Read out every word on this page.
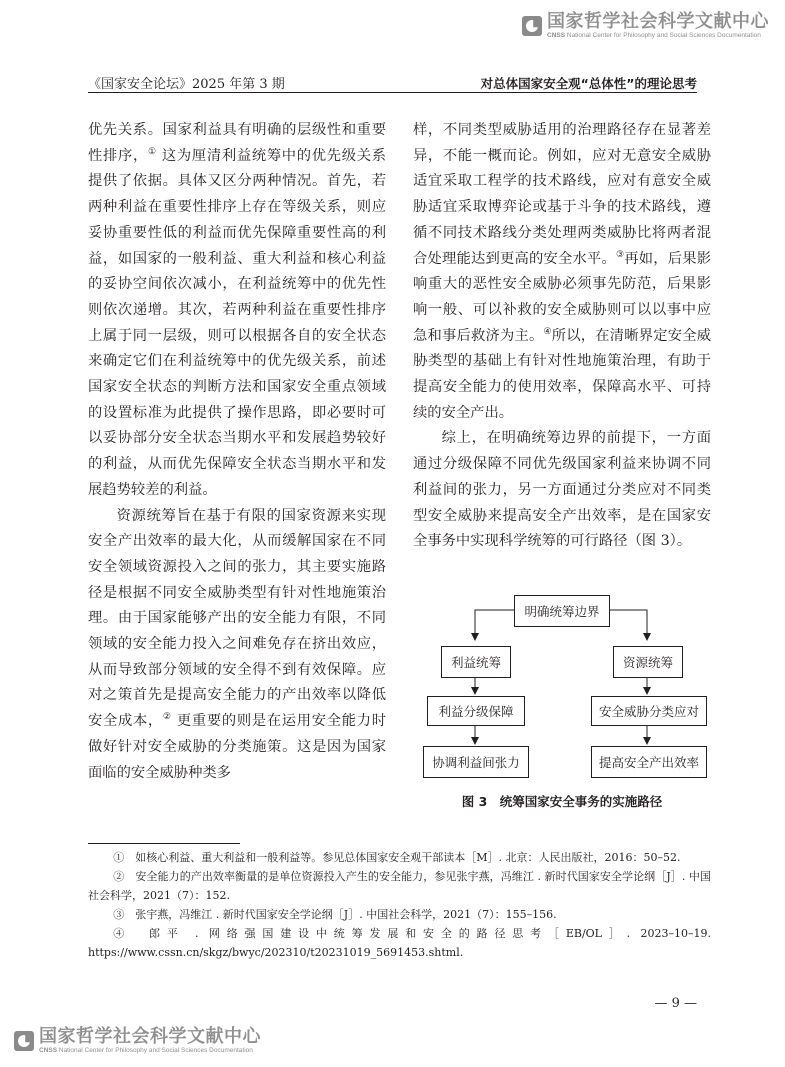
国家哲学社会科学文献中心
CNSS National Center for Philosophy and Social Sciences Documentation
《国家安全论坛》2025 年第 3 期	对总体国家安全观“总体性”的理论思考

优先关系。国家利益具有明确的层级性和重要性排序，① 这为厘清利益统筹中的优先级关系提供了依据。具体又区分两种情况。首先，若两种利益在重要性排序上存在等级关系，则应妥协重要性低的利益而优先保障重要性高的利益，如国家的一般利益、重大利益和核心利益的妥协空间依次减小，在利益统筹中的优先性则依次递增。其次，若两种利益在重要性排序上属于同一层级，则可以根据各自的安全状态来确定它们在利益统筹中的优先级关系，前述国家安全状态的判断方法和国家安全重点领域的设置标准为此提供了操作思路，即必要时可以妥协部分安全状态当期水平和发展趋势较好的利益，从而优先保障安全状态当期水平和发展趋势较差的利益。

资源统筹旨在基于有限的国家资源来实现安全产出效率的最大化，从而缓解国家在不同安全领域资源投入之间的张力，其主要实施路径是根据不同安全威胁类型有针对性地施策治理。由于国家能够产出的安全能力有限，不同领域的安全能力投入之间难免存在挤出效应，从而导致部分领域的安全得不到有效保障。应对之策首先是提高安全能力的产出效率以降低安全成本，② 更重要的则是在运用安全能力时做好针对安全威胁的分类施策。这是因为国家面临的安全威胁种类多

样，不同类型威胁适用的治理路径存在显著差异，不能一概而论。例如，应对无意安全威胁适宜采取工程学的技术路线，应对有意安全威胁适宜采取博弈论或基于斗争的技术路线，遵循不同技术路线分类处理两类威胁比将两者混合处理能达到更高的安全水平。③再如，后果影响重大的恶性安全威胁必须事先防范，后果影响一般、可以补救的安全威胁则可以以事中应急和事后救济为主。④所以，在清晰界定安全威胁类型的基础上有针对性地施策治理，有助于提高安全能力的使用效率，保障高水平、可持续的安全产出。

综上，在明确统筹边界的前提下，一方面通过分级保障不同优先级国家利益来协调不同利益间的张力，另一方面通过分类应对不同类型安全威胁来提高安全产出效率，是在国家安全事务中实现科学统筹的可行路径（图 3）。

明确统筹边界
利益统筹	资源统筹
利益分级保障	安全威胁分类应对
协调利益间张力	提高安全产出效率
图 3　统筹国家安全事务的实施路径

①　如核心利益、重大利益和一般利益等。参见总体国家安全观干部读本［M］. 北京：人民出版社，2016：50–52.

②　安全能力的产出效率衡量的是单位资源投入产生的安全能力，参见张宇燕，冯维江 . 新时代国家安全学论纲［J］. 中国社会科学，2021（7）：152.

③　张宇燕，冯维江 . 新时代国家安全学论纲［J］. 中国社会科学，2021（7）：155–156.

④　郎平 . 网络强国建设中统筹发展和安全的路径思考［EB/OL］. 2023–10–19. https://www.cssn.cn/skgz/bwyc/202310/t20231019_5691453.shtml.

— 9 —
国家哲学社会科学文献中心
CNSS National Center for Philosophy and Social Sciences Documentation
